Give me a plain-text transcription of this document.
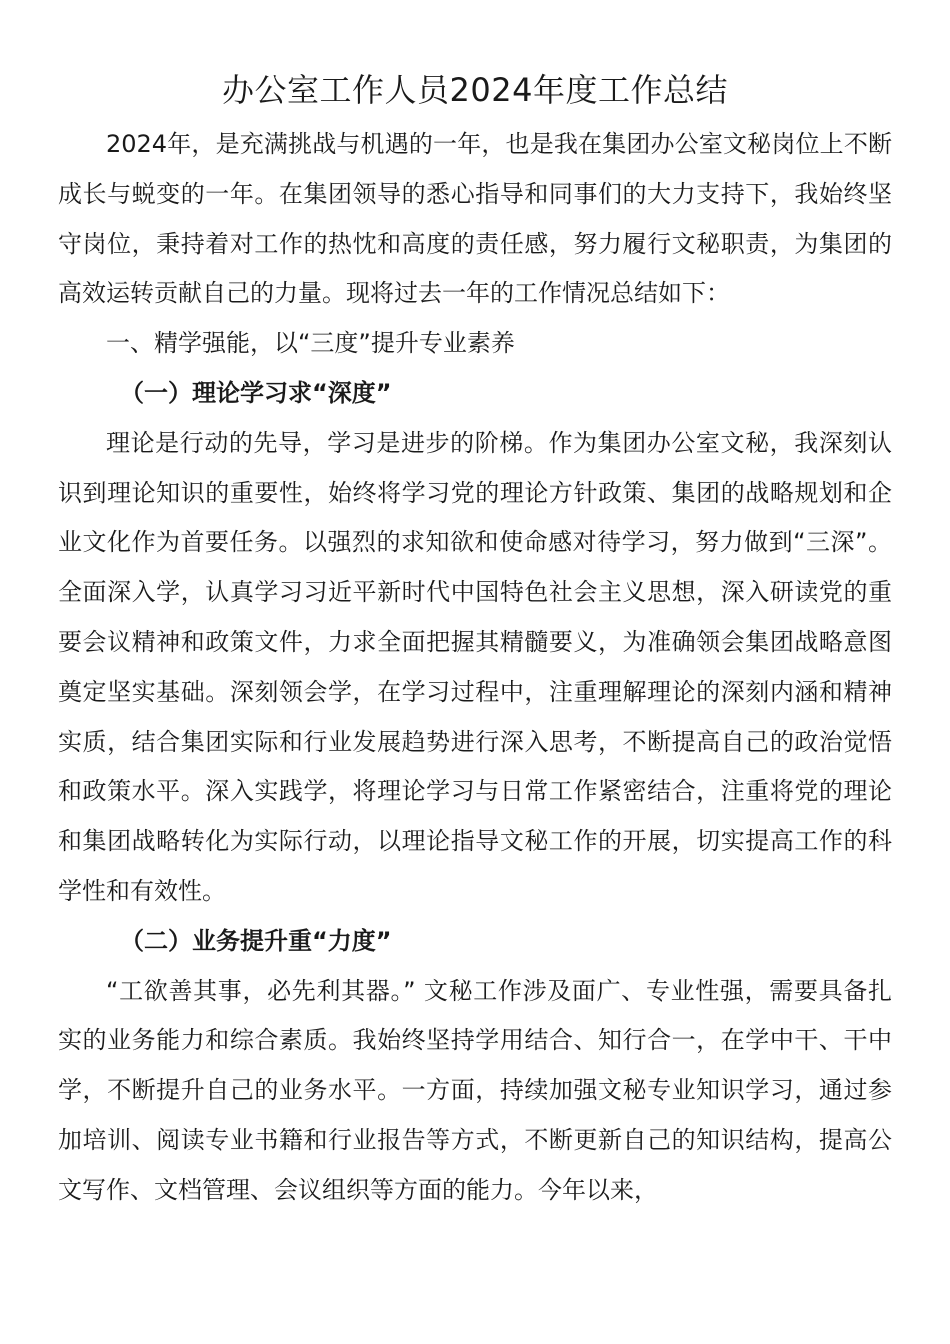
办公室工作人员2024年度工作总结

2024年，是充满挑战与机遇的一年，也是我在集团办公室文秘岗位上不断成长与蜕变的一年。在集团领导的悉心指导和同事们的大力支持下，我始终坚守岗位，秉持着对工作的热忱和高度的责任感，努力履行文秘职责，为集团的高效运转贡献自己的力量。现将过去一年的工作情况总结如下：

一、精学强能，以“三度”提升专业素养

（一）理论学习求“深度”

理论是行动的先导，学习是进步的阶梯。作为集团办公室文秘，我深刻认识到理论知识的重要性，始终将学习党的理论方针政策、集团的战略规划和企业文化作为首要任务。以强烈的求知欲和使命感对待学习，努力做到“三深”。全面深入学，认真学习习近平新时代中国特色社会主义思想，深入研读党的重要会议精神和政策文件，力求全面把握其精髓要义，为准确领会集团战略意图奠定坚实基础。深刻领会学，在学习过程中，注重理解理论的深刻内涵和精神实质，结合集团实际和行业发展趋势进行深入思考，不断提高自己的政治觉悟和政策水平。深入实践学，将理论学习与日常工作紧密结合，注重将党的理论和集团战略转化为实际行动，以理论指导文秘工作的开展，切实提高工作的科学性和有效性。

（二）业务提升重“力度”

“工欲善其事，必先利其器。” 文秘工作涉及面广、专业性强，需要具备扎实的业务能力和综合素质。我始终坚持学用结合、知行合一，在学中干、干中学，不断提升自己的业务水平。一方面，持续加强文秘专业知识学习，通过参加培训、阅读专业书籍和行业报告等方式，不断更新自己的知识结构，提高公文写作、文档管理、会议组织等方面的能力。今年以来，
